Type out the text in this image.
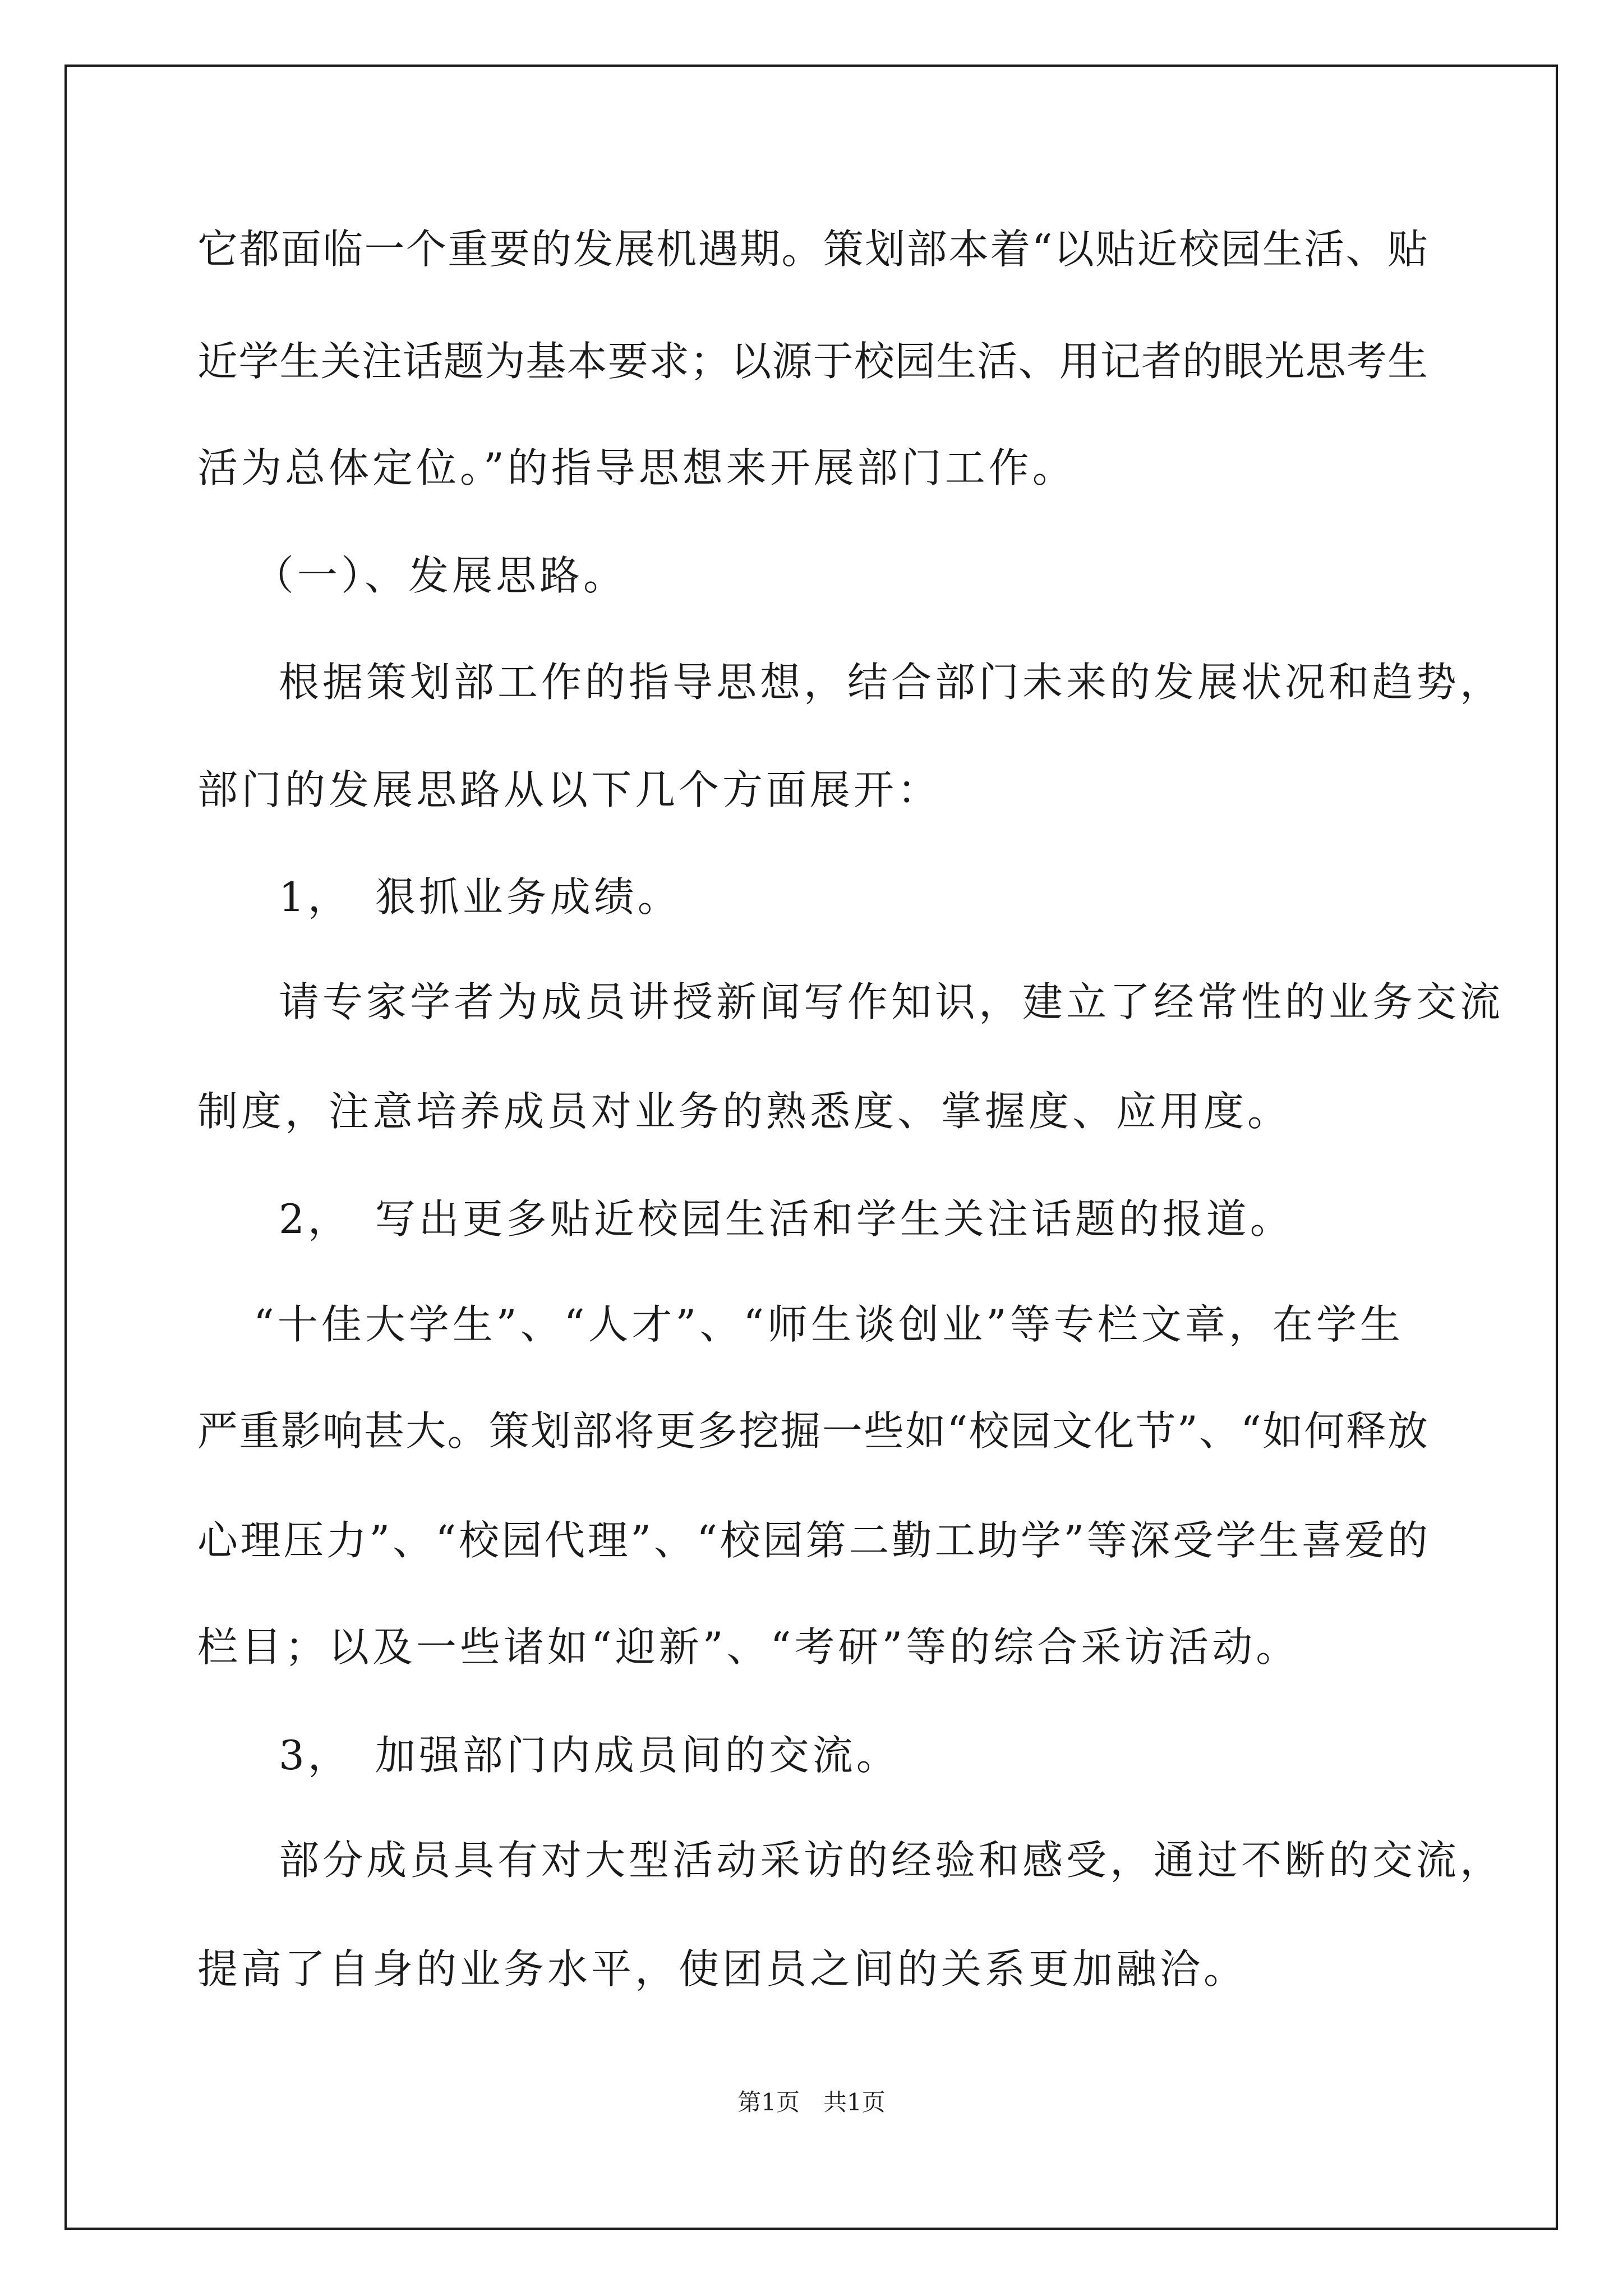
它都面临一个重要的发展机遇期。策划部本着“以贴近校园生活、贴
近学生关注话题为基本要求；以源于校园生活、用记者的眼光思考生
活为总体定位。”的指导思想来开展部门工作。
（一）、发展思路。
根据策划部工作的指导思想，结合部门未来的发展状况和趋势，
部门的发展思路从以下几个方面展开：
1，　狠抓业务成绩。
请专家学者为成员讲授新闻写作知识，建立了经常性的业务交流
制度，注意培养成员对业务的熟悉度、掌握度、应用度。
2，　写出更多贴近校园生活和学生关注话题的报道。
“十佳大学生”、“人才”、“师生谈创业”等专栏文章，在学生
严重影响甚大。策划部将更多挖掘一些如“校园文化节”、“如何释放
心理压力”、“校园代理”、“校园第二勤工助学”等深受学生喜爱的
栏目；以及一些诸如“迎新”、“考研”等的综合采访活动。
3，　加强部门内成员间的交流。
部分成员具有对大型活动采访的经验和感受，通过不断的交流，
提高了自身的业务水平，使团员之间的关系更加融洽。
第1页　共1页
